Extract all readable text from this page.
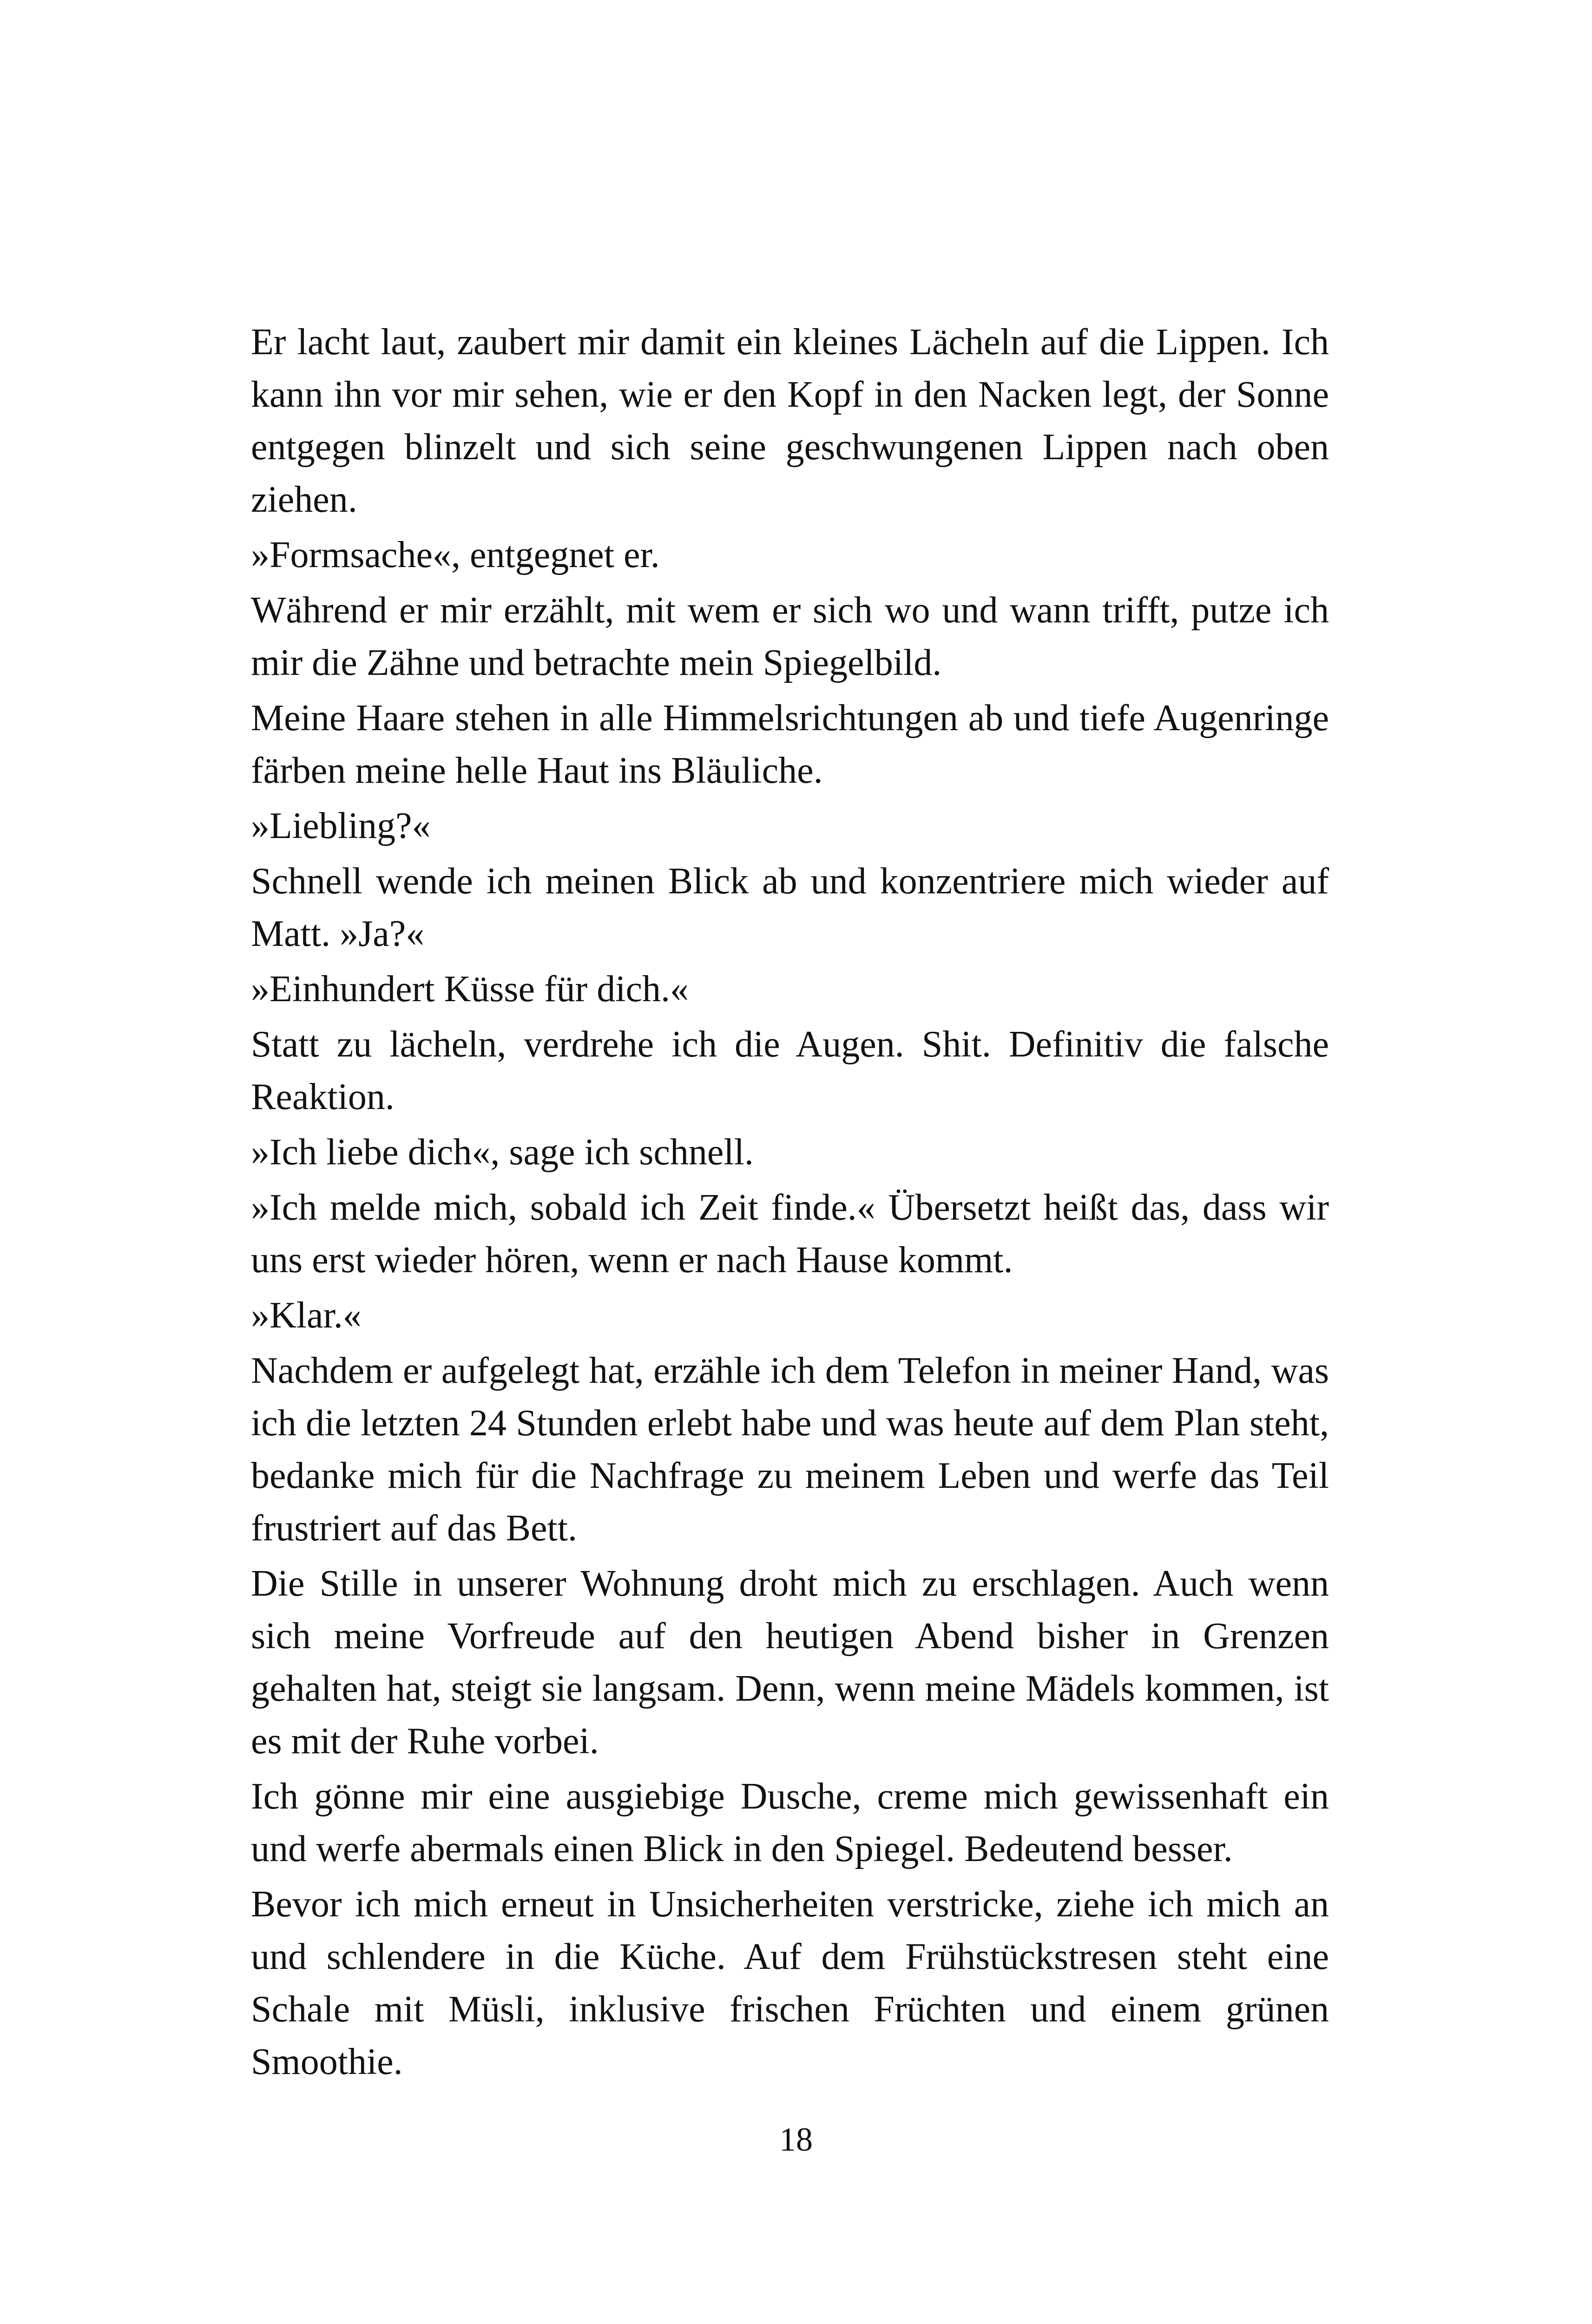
Er lacht laut, zaubert mir damit ein kleines Lächeln auf die Lippen. Ich kann ihn vor mir sehen, wie er den Kopf in den Nacken legt, der Sonne entgegen blinzelt und sich seine geschwungenen Lippen nach oben ziehen.

»Formsache«, entgegnet er.

Während er mir erzählt, mit wem er sich wo und wann trifft, putze ich mir die Zähne und betrachte mein Spiegelbild.

Meine Haare stehen in alle Himmelsrichtungen ab und tiefe Augenringe färben meine helle Haut ins Bläuliche.

»Liebling?«

Schnell wende ich meinen Blick ab und konzentriere mich wieder auf Matt. »Ja?«

»Einhundert Küsse für dich.«

Statt zu lächeln, verdrehe ich die Augen. Shit. Definitiv die falsche Reaktion.

»Ich liebe dich«, sage ich schnell.

»Ich melde mich, sobald ich Zeit finde.« Übersetzt heißt das, dass wir uns erst wieder hören, wenn er nach Hause kommt.

»Klar.«

Nachdem er aufgelegt hat, erzähle ich dem Telefon in meiner Hand, was ich die letzten 24 Stunden erlebt habe und was heute auf dem Plan steht, bedanke mich für die Nachfrage zu meinem Leben und werfe das Teil frustriert auf das Bett.

Die Stille in unserer Wohnung droht mich zu erschlagen. Auch wenn sich meine Vorfreude auf den heutigen Abend bisher in Grenzen gehalten hat, steigt sie langsam. Denn, wenn meine Mädels kommen, ist es mit der Ruhe vorbei.

Ich gönne mir eine ausgiebige Dusche, creme mich gewissenhaft ein und werfe abermals einen Blick in den Spiegel. Bedeutend besser.

Bevor ich mich erneut in Unsicherheiten verstricke, ziehe ich mich an und schlendere in die Küche. Auf dem Frühstückstresen steht eine Schale mit Müsli, inklusive frischen Früchten und einem grünen Smoothie.

18
